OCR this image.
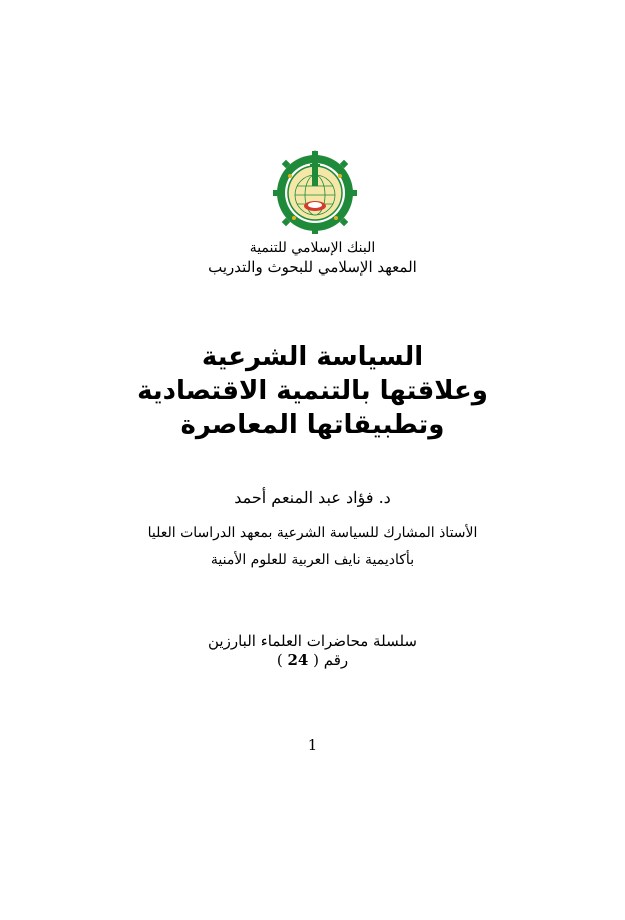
البنك الإسلامي للتنمية
المعهد الإسلامي للبحوث والتدريب
السياسة الشرعية
وعلاقتها بالتنمية الاقتصادية
وتطبيقاتها المعاصرة
د. فؤاد عبد المنعم أحمد
الأستاذ المشارك للسياسة الشرعية بمعهد الدراسات العليا
بأكاديمية نايف العربية للعلوم الأمنية
سلسلة محاضرات العلماء البارزين
رقم ( 24 )
1
